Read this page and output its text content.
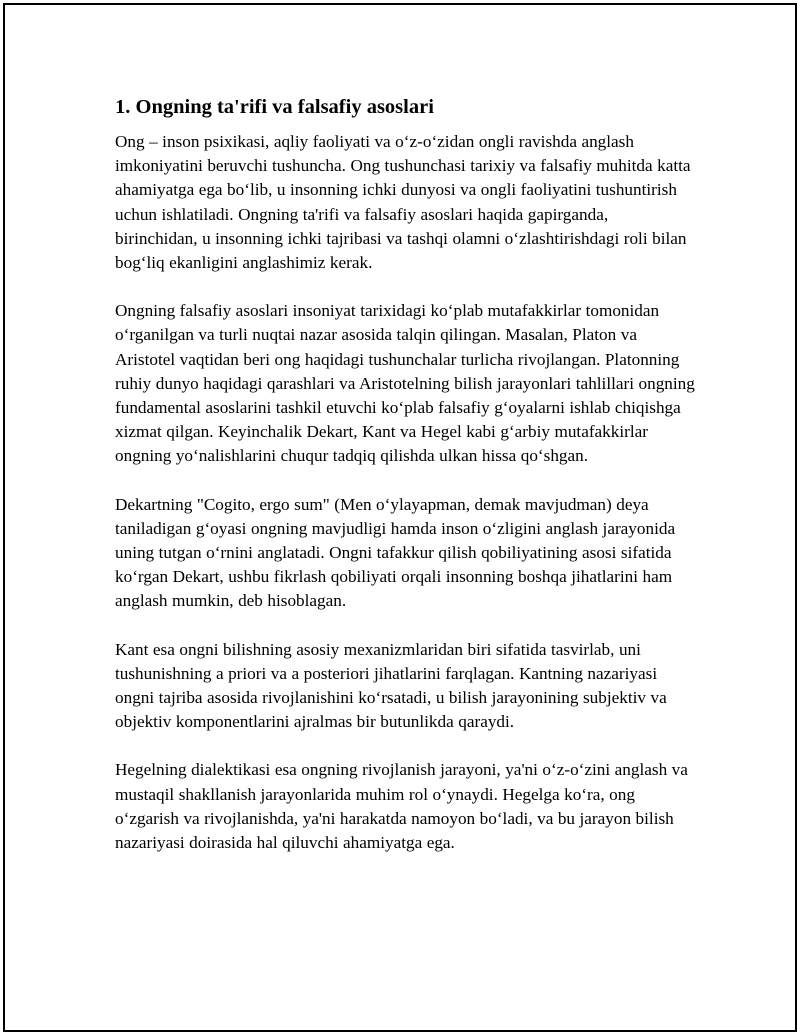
1. Ongning ta'rifi va falsafiy asoslari

Ong – inson psixikasi, aqliy faoliyati va oʻz-oʻzidan ongli ravishda anglash imkoniyatini beruvchi tushuncha. Ong tushunchasi tarixiy va falsafiy muhitda katta ahamiyatga ega boʻlib, u insonning ichki dunyosi va ongli faoliyatini tushuntirish uchun ishlatiladi. Ongning ta'rifi va falsafiy asoslari haqida gapirganda, birinchidan, u insonning ichki tajribasi va tashqi olamni oʻzlashtirishdagi roli bilan bogʻliq ekanligini anglashimiz kerak.

Ongning falsafiy asoslari insoniyat tarixidagi koʻplab mutafakkirlar tomonidan oʻrganilgan va turli nuqtai nazar asosida talqin qilingan. Masalan, Platon va Aristotel vaqtidan beri ong haqidagi tushunchalar turlicha rivojlangan. Platonning ruhiy dunyo haqidagi qarashlari va Aristotelning bilish jarayonlari tahlillari ongning fundamental asoslarini tashkil etuvchi koʻplab falsafiy gʻoyalarni ishlab chiqishga xizmat qilgan. Keyinchalik Dekart, Kant va Hegel kabi gʻarbiy mutafakkirlar ongning yoʻnalishlarini chuqur tadqiq qilishda ulkan hissa qoʻshgan.

Dekartning "Cogito, ergo sum" (Men oʻylayapman, demak mavjudman) deya taniladigan gʻoyasi ongning mavjudligi hamda inson oʻzligini anglash jarayonida uning tutgan oʻrnini anglatadi. Ongni tafakkur qilish qobiliyatining asosi sifatida koʻrgan Dekart, ushbu fikrlash qobiliyati orqali insonning boshqa jihatlarini ham anglash mumkin, deb hisoblagan.

Kant esa ongni bilishning asosiy mexanizmlaridan biri sifatida tasvirlab, uni tushunishning a priori va a posteriori jihatlarini farqlagan. Kantning nazariyasi ongni tajriba asosida rivojlanishini koʻrsatadi, u bilish jarayonining subjektiv va objektiv komponentlarini ajralmas bir butunlikda qaraydi.

Hegelning dialektikasi esa ongning rivojlanish jarayoni, ya'ni oʻz-oʻzini anglash va mustaqil shakllanish jarayonlarida muhim rol oʻynaydi. Hegelga koʻra, ong oʻzgarish va rivojlanishda, ya'ni harakatda namoyon boʻladi, va bu jarayon bilish nazariyasi doirasida hal qiluvchi ahamiyatga ega.
